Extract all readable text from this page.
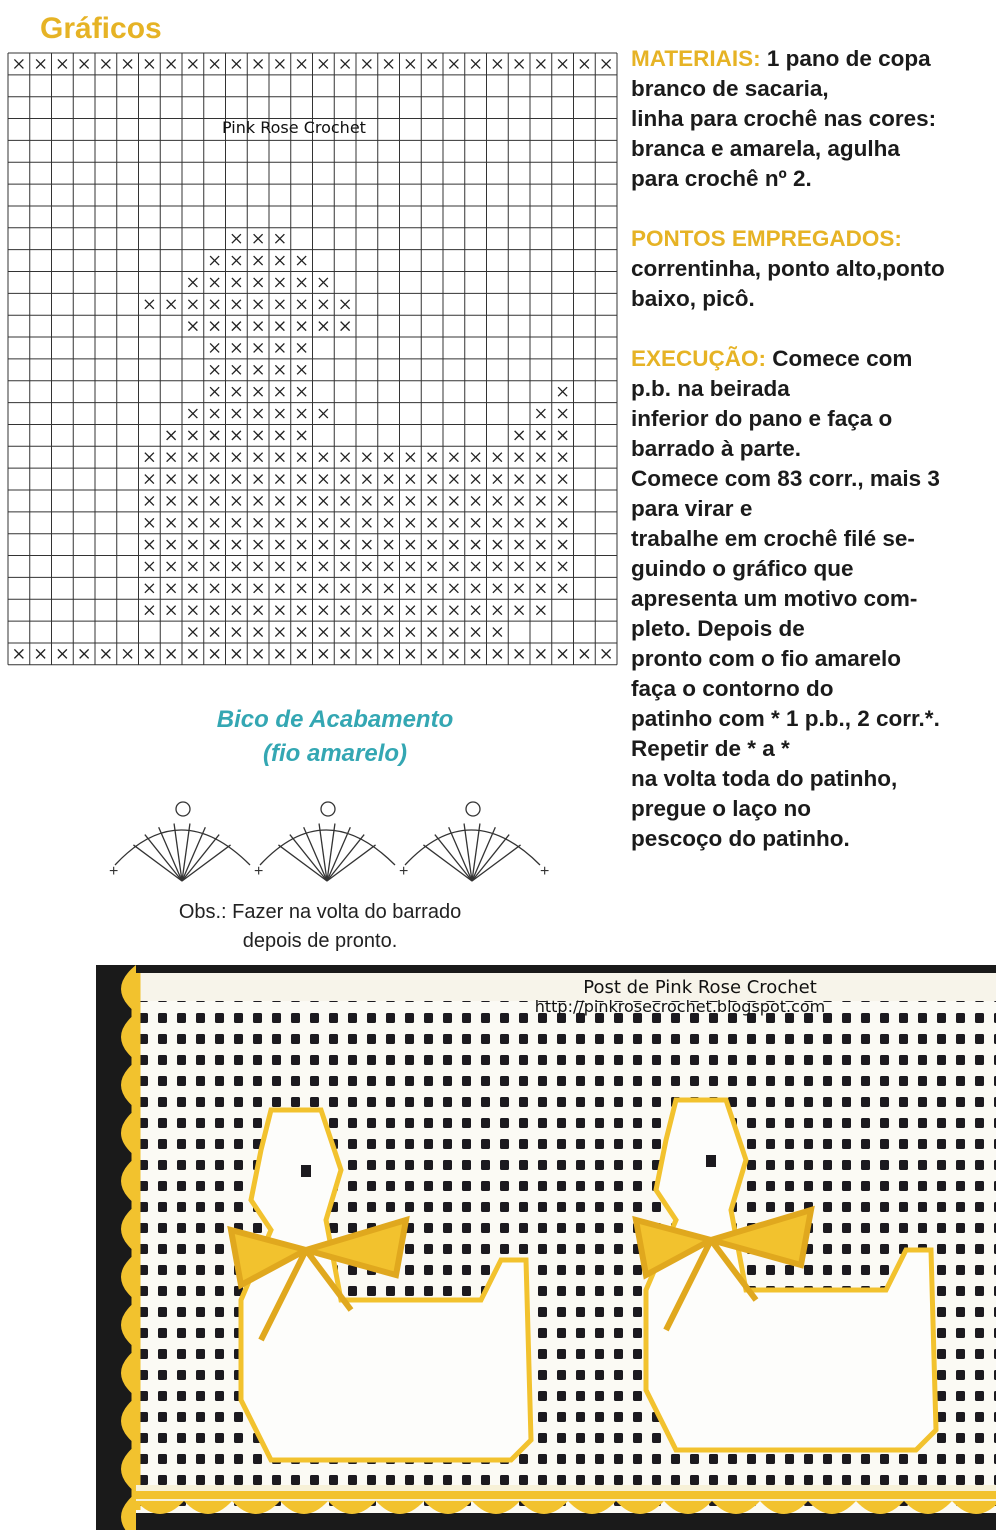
Gráficos
Pink Rose Crochet

MATERIAIS: 1 pano de copa

branco de sacaria,

linha para crochê nas cores:

branca e amarela, agulha

para crochê nº 2.

PONTOS EMPREGADOS:

correntinha, ponto alto,ponto

baixo, picô.

EXECUÇÃO: Comece com

p.b. na beirada

inferior do pano e faça o

barrado à parte.

Comece com 83 corr., mais 3

para virar e

trabalhe em crochê filé se-

guindo o gráfico que

apresenta um motivo com-

pleto. Depois de

pronto com o fio amarelo

faça o contorno do

patinho com * 1 p.b., 2 corr.*.

Repetir de * a *

na volta toda do patinho,

pregue o laço no

pescoço do patinho.

Bico de Acabamento
(fio amarelo)
+	+	+	+
Obs.: Fazer na volta do barrado
depois de pronto.
Post de Pink Rose Crochet
http://pinkrosecrochet.blogspot.com
